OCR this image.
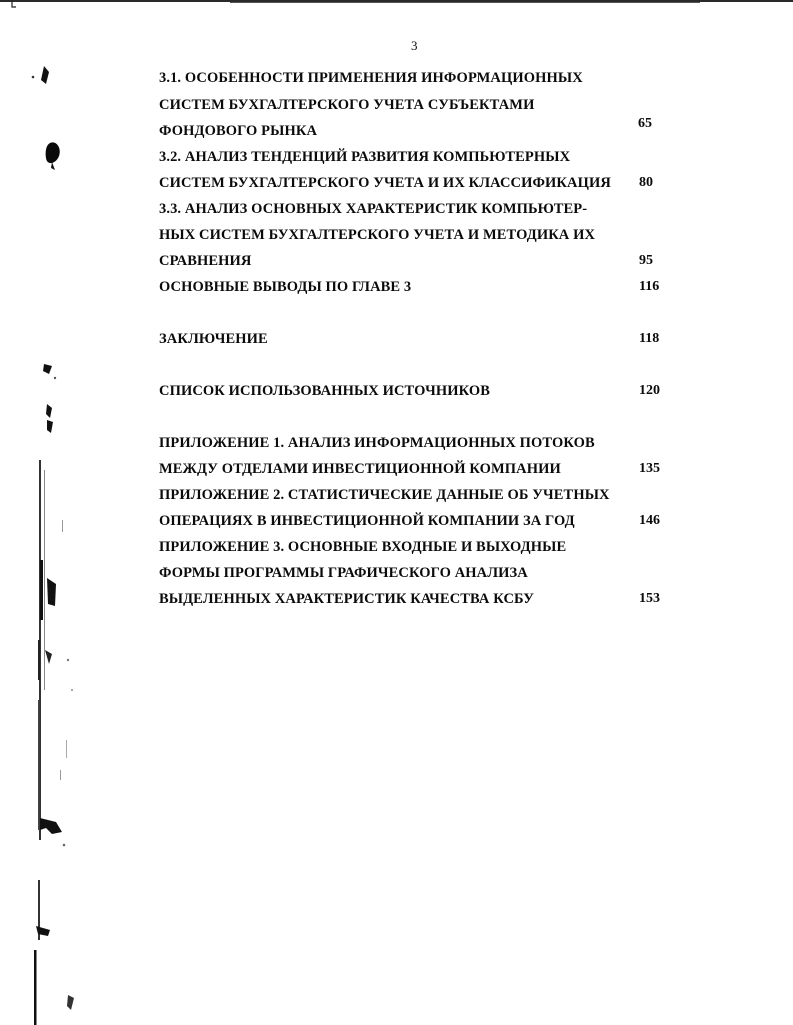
3
3.1. ОСОБЕННОСТИ ПРИМЕНЕНИЯ ИНФОРМАЦИОННЫХ
СИСТЕМ БУХГАЛТЕРСКОГО УЧЕТА СУБЪЕКТАМИ
ФОНДОВОГО РЫНКА	65
3.2. АНАЛИЗ ТЕНДЕНЦИЙ РАЗВИТИЯ КОМПЬЮТЕРНЫХ
СИСТЕМ БУХГАЛТЕРСКОГО УЧЕТА И ИХ КЛАССИФИКАЦИЯ 80
3.3. АНАЛИЗ ОСНОВНЫХ ХАРАКТЕРИСТИК КОМПЬЮТЕР-
НЫХ СИСТЕМ БУХГАЛТЕРСКОГО УЧЕТА И МЕТОДИКА ИХ
СРАВНЕНИЯ	95
ОСНОВНЫЕ ВЫВОДЫ ПО ГЛАВЕ 3	116
ЗАКЛЮЧЕНИЕ	118
СПИСОК ИСПОЛЬЗОВАННЫХ ИСТОЧНИКОВ	120
ПРИЛОЖЕНИЕ 1. АНАЛИЗ ИНФОРМАЦИОННЫХ ПОТОКОВ
МЕЖДУ ОТДЕЛАМИ ИНВЕСТИЦИОННОЙ КОМПАНИИ	135
ПРИЛОЖЕНИЕ 2. СТАТИСТИЧЕСКИЕ ДАННЫЕ ОБ УЧЕТНЫХ
ОПЕРАЦИЯХ В ИНВЕСТИЦИОННОЙ КОМПАНИИ ЗА ГОД	146
ПРИЛОЖЕНИЕ 3. ОСНОВНЫЕ ВХОДНЫЕ И ВЫХОДНЫЕ
ФОРМЫ ПРОГРАММЫ ГРАФИЧЕСКОГО АНАЛИЗА
ВЫДЕЛЕННЫХ ХАРАКТЕРИСТИК КАЧЕСТВА КСБУ	153
